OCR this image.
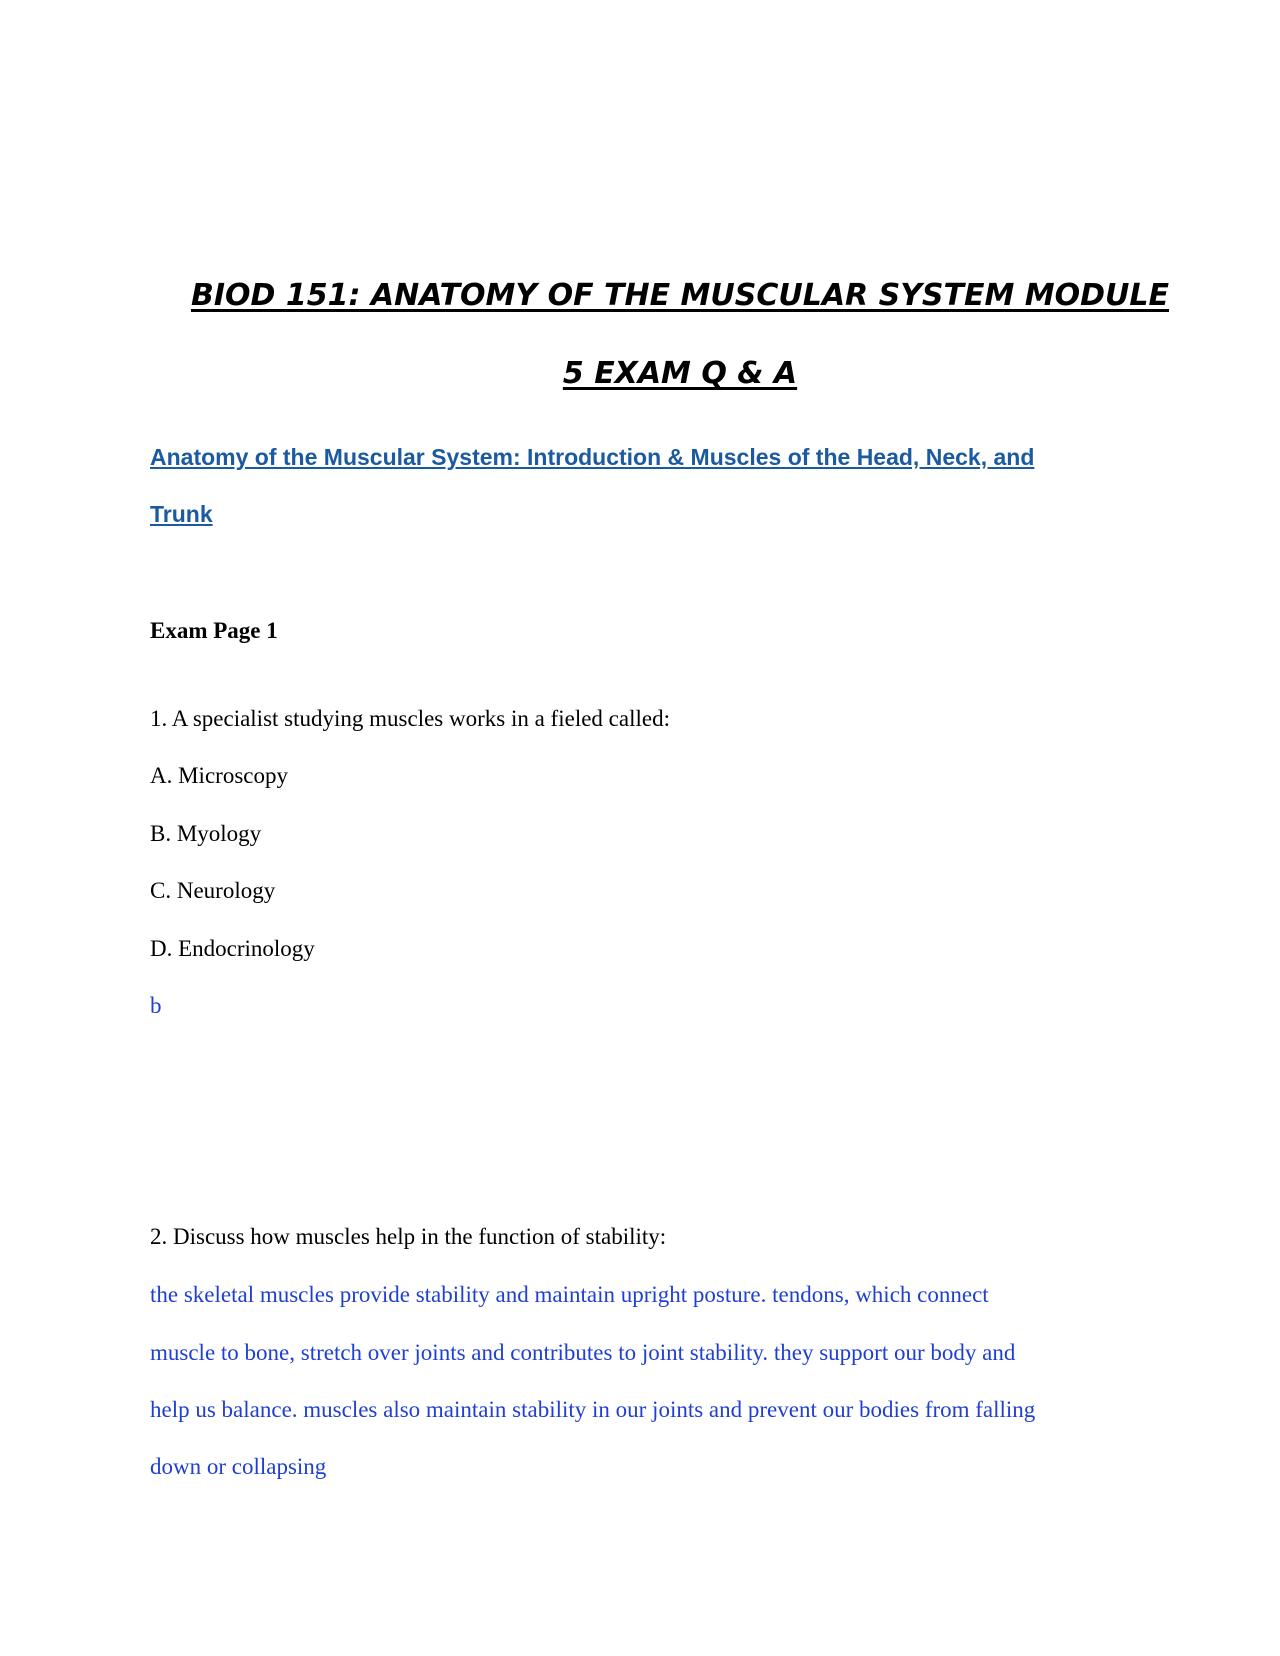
BIOD 151: ANATOMY OF THE MUSCULAR SYSTEM MODULE
5 EXAM Q & A
Anatomy of the Muscular System: Introduction & Muscles of the Head, Neck, and
Trunk
Exam Page 1
1. A specialist studying muscles works in a fieled called:
A. Microscopy
B. Myology
C. Neurology
D. Endocrinology
b
2. Discuss how muscles help in the function of stability:
the skeletal muscles provide stability and maintain upright posture. tendons, which connect
muscle to bone, stretch over joints and contributes to joint stability. they support our body and
help us balance. muscles also maintain stability in our joints and prevent our bodies from falling
down or collapsing
